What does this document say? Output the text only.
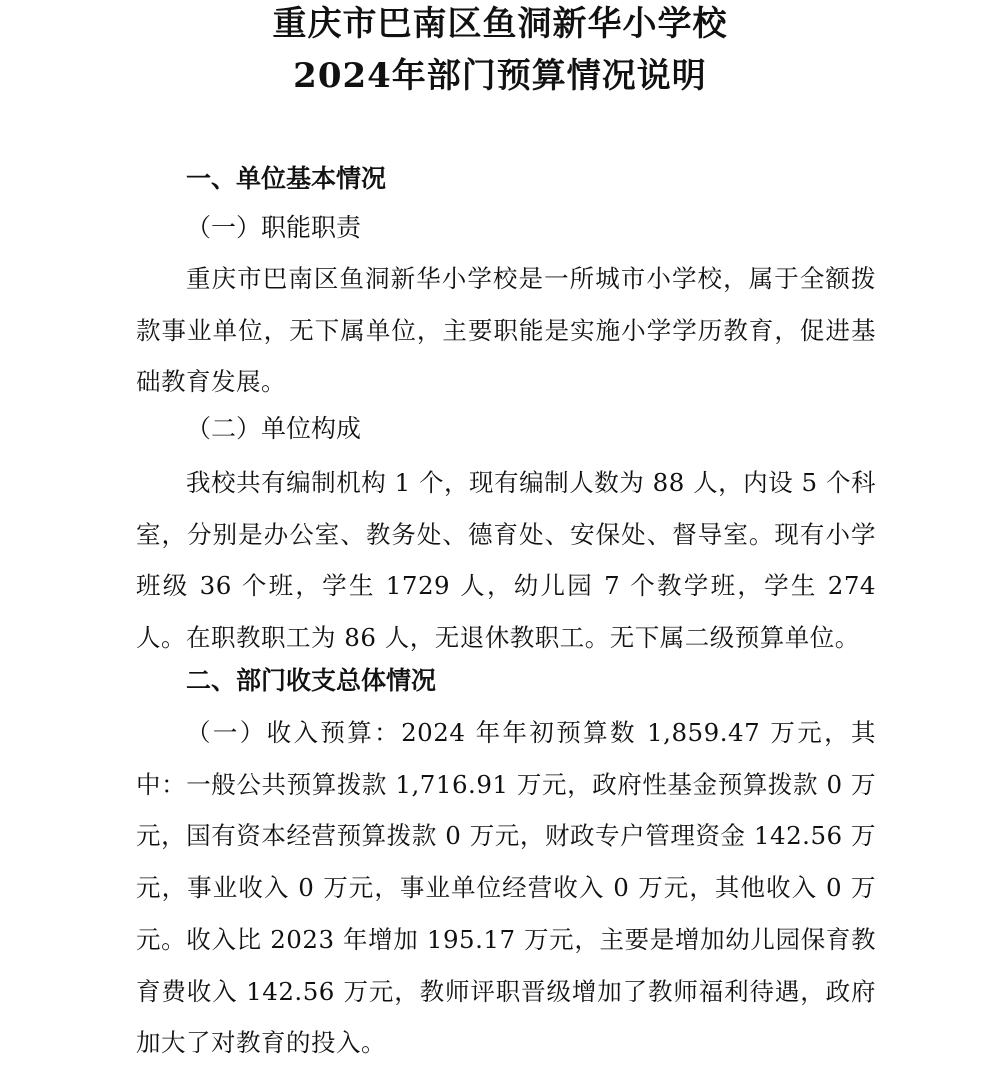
重庆市巴南区鱼洞新华小学校
2024年部门预算情况说明
一、单位基本情况
（一）职能职责
重庆市巴南区鱼洞新华小学校是一所城市小学校，属于全额拨款事业单位，无下属单位，主要职能是实施小学学历教育，促进基础教育发展。
（二）单位构成
我校共有编制机构 1 个，现有编制人数为 88 人，内设 5 个科室，分别是办公室、教务处、德育处、安保处、督导室。现有小学班级 36 个班，学生 1729 人，幼儿园 7 个教学班，学生 274 人。在职教职工为 86 人，无退休教职工。无下属二级预算单位。
二、部门收支总体情况
（一）收入预算：2024 年年初预算数 1,859.47 万元，其中：一般公共预算拨款 1,716.91 万元，政府性基金预算拨款 0 万元，国有资本经营预算拨款 0 万元，财政专户管理资金 142.56 万元，事业收入 0 万元，事业单位经营收入 0 万元，其他收入 0 万元。收入比 2023 年增加 195.17 万元，主要是增加幼儿园保育教育费收入 142.56 万元，教师评职晋级增加了教师福利待遇，政府加大了对教育的投入。
